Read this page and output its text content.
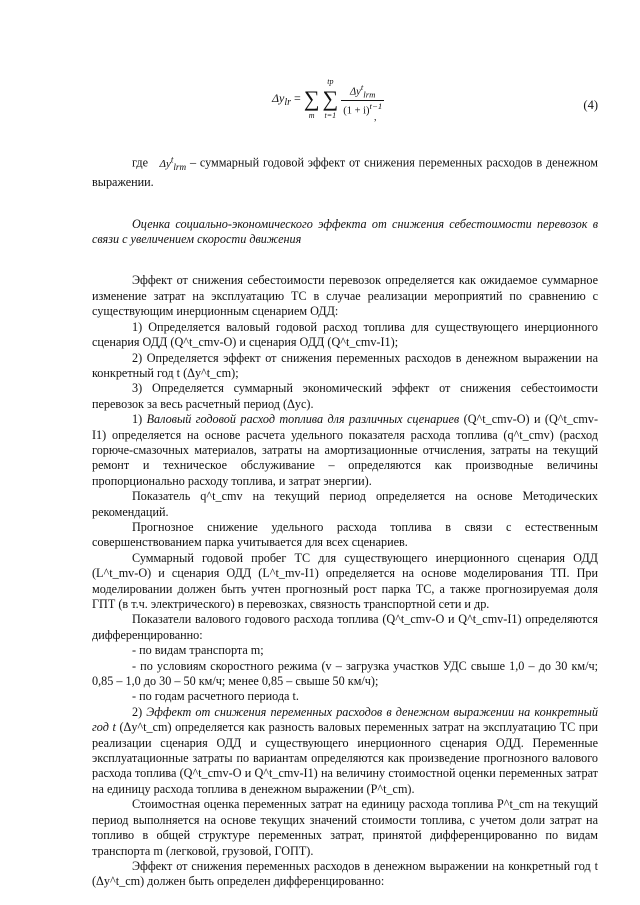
$\Delta y_{lr}$ =
∑
m

tp
∑
t=1
$\frac{\Delta y^t_{lrm}}{(1 + i)^{t-1}}$
,
(4)

где $\Delta y^t_{lrm}$ – суммарный годовой эффект от снижения переменных расходов в денежном выражении.

Оценка социально-экономического эффекта от снижения себестоимости перевозок в связи с увеличением скорости движения

Эффект от снижения себестоимости перевозок определяется как ожидаемое суммарное изменение затрат на эксплуатацию ТС в случае реализации мероприятий по сравнению с существующим инерционным сценарием ОДД:

1) Определяется валовый годовой расход топлива для существующего инерционного сценария ОДД (Q^t_cmv-O) и сценария ОДД (Q^t_cmv-I1);

2) Определяется эффект от снижения переменных расходов в денежном выражении на конкретный год t (Δy^t_cm);

3) Определяется суммарный экономический эффект от снижения себестоимости перевозок за весь расчетный период (Δyc).

1) Валовый годовой расход топлива для различных сценариев (Q^t_cmv-O) и (Q^t_cmv-I1) определяется на основе расчета удельного показателя расхода топлива (q^t_cmv) (расход горюче-смазочных материалов, затраты на амортизационные отчисления, затраты на текущий ремонт и техническое обслуживание – определяются как производные величины пропорционально расходу топлива, и затрат энергии).

Показатель q^t_cmv на текущий период определяется на основе Методических рекомендаций.

Прогнозное снижение удельного расхода топлива в связи с естественным совершенствованием парка учитывается для всех сценариев.

Суммарный годовой пробег ТС для существующего инерционного сценария ОДД (L^t_mv-O) и сценария ОДД (L^t_mv-I1) определяется на основе моделирования ТП. При моделировании должен быть учтен прогнозный рост парка ТС, а также прогнозируемая доля ГПТ (в т.ч. электрического) в перевозках, связность транспортной сети и др.

Показатели валового годового расхода топлива (Q^t_cmv-O и Q^t_cmv-I1) определяются дифференцированно:

- по видам транспорта m;

- по условиям скоростного режима (v – загрузка участков УДС свыше 1,0 – до 30 км/ч; 0,85 – 1,0 до 30 – 50 км/ч; менее 0,85 – свыше 50 км/ч);

- по годам расчетного периода t.

2) Эффект от снижения переменных расходов в денежном выражении на конкретный год t (Δy^t_cm) определяется как разность валовых переменных затрат на эксплуатацию ТС при реализации сценария ОДД и существующего инерционного сценария ОДД. Переменные эксплуатационные затраты по вариантам определяются как произведение прогнозного валового расхода топлива (Q^t_cmv-O и Q^t_cmv-I1) на величину стоимостной оценки переменных затрат на единицу расхода топлива в денежном выражении (P^t_cm).

Стоимостная оценка переменных затрат на единицу расхода топлива P^t_cm на текущий период выполняется на основе текущих значений стоимости топлива, с учетом доли затрат на топливо в общей структуре переменных затрат, принятой дифференцированно по видам транспорта m (легковой, грузовой, ГОПТ).

Эффект от снижения переменных расходов в денежном выражении на конкретный год t (Δy^t_cm) должен быть определен дифференцированно:
